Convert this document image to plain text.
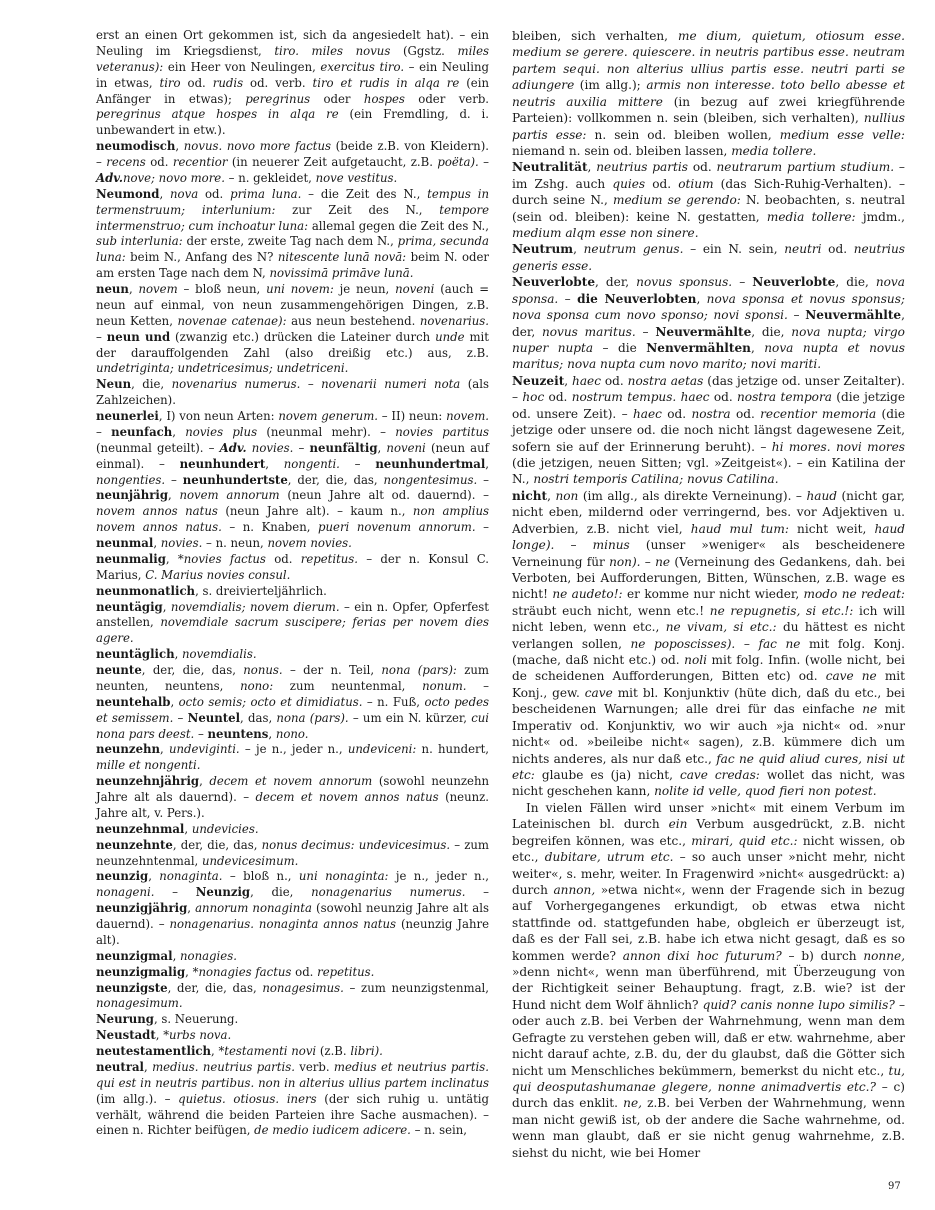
erst an einen Ort gekommen ist, sich da angesiedelt hat). – ein Neuling im Kriegsdienst, tiro. miles novus (Ggstz. miles veteranus): ein Heer von Neulingen, exercitus tiro. – ein Neuling in etwas, tiro od. rudis od. verb. tiro et rudis in alqa re (ein Anfänger in etwas); peregrinus oder hospes oder verb. peregrinus atque hospes in alqa re (ein Fremdling, d. i. unbewandert in etw.).

neumodisch, novus. novo more factus (beide z.B. von Kleidern). – recens od. recentior (in neuerer Zeit aufgetaucht, z.B. poëta). – Adv.nove; novo more. – n. gekleidet, nove vestitus.

Neumond, nova od. prima luna. – die Zeit des N., tempus in termenstruum; interlunium: zur Zeit des N., tempore intermenstruo; cum inchoatur luna: allemal gegen die Zeit des N., sub interlunia: der erste, zweite Tag nach dem N., prima, secunda luna: beim N., Anfang des N? nitescente lunā novā: beim N. oder am ersten Tage nach dem N, novissimā primāve lunā.

neun, novem – bloß neun, uni novem: je neun, noveni (auch = neun auf einmal, von neun zusammengehörigen Dingen, z.B. neun Ketten, novenae catenae): aus neun bestehend. novenarius. – neun und (zwanzig etc.) drücken die Lateiner durch unde mit der darauffolgenden Zahl (also dreißig etc.) aus, z.B. undetriginta; undetricesimus; undetriceni.

Neun, die, novenarius numerus. – novenarii numeri nota (als Zahlzeichen).

neunerlei, I) von neun Arten: novem generum. – II) neun: novem. – neunfach, novies plus (neunmal mehr). – novies partitus (neunmal geteilt). – Adv. novies. – neunfältig, noveni (neun auf einmal). – neunhundert, nongenti. – neunhundertmal, nongenties. – neunhundertste, der, die, das, nongentesimus. – neunjährig, novem annorum (neun Jahre alt od. dauernd). – novem annos natus (neun Jahre alt). – kaum n., non amplius novem annos natus. – n. Knaben, pueri novenum annorum. – neunmal, novies. – n. neun, novem novies.

neunmalig, *novies factus od. repetitus. – der n. Konsul C. Marius, C. Marius novies consul.

neunmonatlich, s. dreivierteljährlich.

neuntägig, novemdialis; novem dierum. – ein n. Opfer, Opferfest anstellen, novemdiale sacrum suscipere; ferias per novem dies agere.

neuntäglich, novemdialis.

neunte, der, die, das, nonus. – der n. Teil, nona (pars): zum neunten, neuntens, nono: zum neuntenmal, nonum. – neuntehalb, octo semis; octo et dimidiatus. – n. Fuß, octo pedes et semissem. – Neuntel, das, nona (pars). – um ein N. kürzer, cui nona pars deest. – neuntens, nono.

neunzehn, undeviginti. – je n., jeder n., undeviceni: n. hundert, mille et nongenti.

neunzehnjährig, decem et novem annorum (sowohl neunzehn Jahre alt als dauernd). – decem et novem annos natus (neunz. Jahre alt, v. Pers.).

neunzehnmal, undevicies.

neunzehnte, der, die, das, nonus decimus: undevicesimus. – zum neunzehntenmal, undevicesimum.

neunzig, nonaginta. – bloß n., uni nonaginta: je n., jeder n., nonageni. – Neunzig, die, nonagenarius numerus. – neunzigjährig, annorum nonaginta (sowohl neunzig Jahre alt als dauernd). – nonagenarius. nonaginta annos natus (neunzig Jahre alt).

neunzigmal, nonagies.

neunzigmalig, *nonagies factus od. repetitus.

neunzigste, der, die, das, nonagesimus. – zum neunzigstenmal, nonagesimum.

Neurung, s. Neuerung.

Neustadt, *urbs nova.

neutestamentlich, *testamenti novi (z.B. libri).

neutral, medius. neutrius partis. verb. medius et neutrius partis. qui est in neutris partibus. non in alterius ullius partem inclinatus (im allg.). – quietus. otiosus. iners (der sich ruhig u. untätig verhält, während die beiden Parteien ihre Sache ausmachen). – einen n. Richter beifügen, de medio iudicem adicere. – n. sein,

bleiben, sich verhalten, me dium, quietum, otiosum esse. medium se gerere. quiescere. in neutris partibus esse. neutram partem sequi. non alterius ullius partis esse. neutri parti se adiungere (im allg.); armis non interesse. toto bello abesse et neutris auxilia mittere (in bezug auf zwei kriegführende Parteien): vollkommen n. sein (bleiben, sich verhalten), nullius partis esse: n. sein od. bleiben wollen, medium esse velle: niemand n. sein od. bleiben lassen, media tollere.

Neutralität, neutrius partis od. neutrarum partium studium. – im Zshg. auch quies od. otium (das Sich-Ruhig-Verhalten). – durch seine N., medium se gerendo: N. beobachten, s. neutral (sein od. bleiben): keine N. gestatten, media tollere: jmdm., medium alqm esse non sinere.

Neutrum, neutrum genus. – ein N. sein, neutri od. neutrius generis esse.

Neuverlobte, der, novus sponsus. – Neuverlobte, die, nova sponsa. – die Neuverlobten, nova sponsa et novus sponsus; nova sponsa cum novo sponso; novi sponsi. – Neuvermählte, der, novus maritus. – Neuvermählte, die, nova nupta; virgo nuper nupta – die Nenvermählten, nova nupta et novus maritus; nova nupta cum novo marito; novi mariti.

Neuzeit, haec od. nostra aetas (das jetzige od. unser Zeitalter). – hoc od. nostrum tempus. haec od. nostra tempora (die jetzige od. unsere Zeit). – haec od. nostra od. recentior memoria (die jetzige oder unsere od. die noch nicht längst dagewesene Zeit, sofern sie auf der Erinnerung beruht). – hi mores. novi mores (die jetzigen, neuen Sitten; vgl. »Zeitgeist«). – ein Katilina der N., nostri temporis Catilina; novus Catilina.

nicht, non (im allg., als direkte Verneinung). – haud (nicht gar, nicht eben, mildernd oder verringernd, bes. vor Adjektiven u. Adverbien, z.B. nicht viel, haud mul tum: nicht weit, haud longe). – minus (unser »weniger« als bescheidenere Verneinung für non). – ne (Verneinung des Gedankens, dah. bei Verboten, bei Aufforderungen, Bitten, Wünschen, z.B. wage es nicht! ne audeto!: er komme nur nicht wieder, modo ne redeat: sträubt euch nicht, wenn etc.! ne repugnetis, si etc.!: ich will nicht leben, wenn etc., ne vivam, si etc.: du hättest es nicht verlangen sollen, ne poposcisses). – fac ne mit folg. Konj. (mache, daß nicht etc.) od. noli mit folg. Infin. (wolle nicht, bei de scheidenen Aufforderungen, Bitten etc) od. cave ne mit Konj., gew. cave mit bl. Konjunktiv (hüte dich, daß du etc., bei bescheidenen Warnungen; alle drei für das einfache ne mit Imperativ od. Konjunktiv, wo wir auch »ja nicht« od. »nur nicht« od. »beileibe nicht« sagen), z.B. kümmere dich um nichts anderes, als nur daß etc., fac ne quid aliud cures, nisi ut etc: glaube es (ja) nicht, cave credas: wollet das nicht, was nicht geschehen kann, nolite id velle, quod fieri non potest.

In vielen Fällen wird unser »nicht« mit einem Verbum im Lateinischen bl. durch ein Verbum ausgedrückt, z.B. nicht begreifen können, was etc., mirari, quid etc.: nicht wissen, ob etc., dubitare, utrum etc. – so auch unser »nicht mehr, nicht weiter«, s. mehr, weiter. In Fragenwird »nicht« ausgedrückt: a) durch annon, »etwa nicht«, wenn der Fragende sich in bezug auf Vorhergegangenes erkundigt, ob etwas etwa nicht stattfinde od. stattgefunden habe, obgleich er überzeugt ist, daß es der Fall sei, z.B. habe ich etwa nicht gesagt, daß es so kommen werde? annon dixi hoc futurum? – b) durch nonne, »denn nicht«, wenn man überführend, mit Überzeugung von der Richtigkeit seiner Behauptung. fragt, z.B. wie? ist der Hund nicht dem Wolf ähnlich? quid? canis nonne lupo similis? – oder auch z.B. bei Verben der Wahrnehmung, wenn man dem Gefragte zu verstehen geben will, daß er etw. wahrnehme, aber nicht darauf achte, z.B. du, der du glaubst, daß die Götter sich nicht um Menschliches bekümmern, bemerkst du nicht etc., tu, qui deosputashumanae glegere, nonne animadvertis etc.? – c) durch das enklit. ne, z.B. bei Verben der Wahrnehmung, wenn man nicht gewiß ist, ob der andere die Sache wahrnehme, od. wenn man glaubt, daß er sie nicht genug wahrnehme, z.B. siehst du nicht, wie bei Homer

97
